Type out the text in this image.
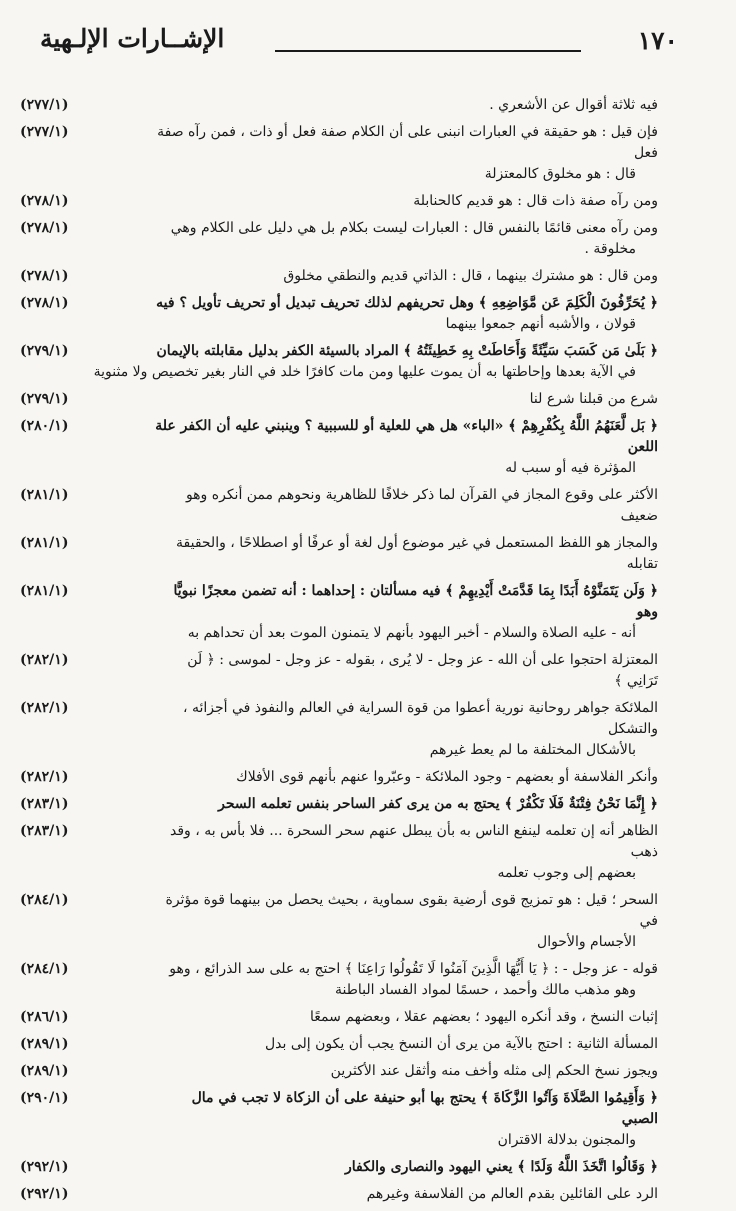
١٧٠
الإشــارات الإلـهية
فيه ثلاثة أقوال عن الأشعري .
(٢٧٧/١)
فإن قيل : هو حقيقة في العبارات انبنى على أن الكلام صفة فعل أو ذات ، فمن رآه صفة فعل
قال : هو مخلوق كالمعتزلة
(٢٧٧/١)
ومن رآه صفة ذات قال : هو قديم كالحنابلة
(٢٧٨/١)
ومن رآه معنى قائمًا بالنفس قال : العبارات ليست بكلام بل هي دليل على الكلام وهي
مخلوقة .
(٢٧٨/١)
ومن قال : هو مشترك بينهما ، قال : الذاتي قديم والنطقي مخلوق
(٢٧٨/١)
﴿ يُحَرِّفُونَ الْكَلِمَ عَن مَّوَاضِعِهِ ﴾ وهل تحريفهم لذلك تحريف تبديل أو تحريف تأويل ؟ فيه
قولان ، والأشبه أنهم جمعوا بينهما
(٢٧٨/١)
﴿ بَلَىٰ مَن كَسَبَ سَيِّئَةً وَأَحَاطَتْ بِهِ خَطِيئَتُهُ ﴾ المراد بالسيئة الكفر بدليل مقابلته بالإيمان
في الآية بعدها وإحاطتها به أن يموت عليها ومن مات كافرًا خلد في النار بغير تخصيص ولا مثنوية
(٢٧٩/١)
شرع من قبلنا شرع لنا
(٢٧٩/١)
﴿ بَل لَّعَنَهُمُ اللَّهُ بِكُفْرِهِمْ ﴾ «الباء» هل هي للعلية أو للسببية ؟ وينبني عليه أن الكفر علة اللعن
المؤثرة فيه أو سبب له
(٢٨٠/١)
الأكثر على وقوع المجاز في القرآن لما ذكر خلافًا للظاهرية ونحوهم ممن أنكره وهو ضعيف
(٢٨١/١)
والمجاز هو اللفظ المستعمل في غير موضوع أول لغة أو عرفًا أو اصطلاحًا ، والحقيقة تقابله
(٢٨١/١)
﴿ وَلَن يَتَمَنَّوْهُ أَبَدًا بِمَا قَدَّمَتْ أَيْدِيهِمْ ﴾ فيه مسألتان : إحداهما : أنه تضمن معجزًا نبويًّا وهو
أنه - عليه الصلاة والسلام - أخبر اليهود بأنهم لا يتمنون الموت بعد أن تحداهم به
(٢٨١/١)
المعتزلة احتجوا على أن الله - عز وجل - لا يُرى ، بقوله - عز وجل - لموسى : ﴿ لَن تَرَانِي ﴾
(٢٨٢/١)
الملائكة جواهر روحانية نورية أعطوا من قوة السراية في العالم والنفوذ في أجزائه ، والتشكل
بالأشكال المختلفة ما لم يعط غيرهم
(٢٨٢/١)
وأنكر الفلاسفة أو بعضهم - وجود الملائكة - وعبّروا عنهم بأنهم قوى الأفلاك
(٢٨٢/١)
﴿ إِنَّمَا نَحْنُ فِتْنَةٌ فَلَا تَكْفُرْ ﴾ يحتج به من يرى كفر الساحر بنفس تعلمه السحر
(٢٨٣/١)
الظاهر أنه إن تعلمه لينفع الناس به بأن يبطل عنهم سحر السحرة ... فلا بأس به ، وقد ذهب
بعضهم إلى وجوب تعلمه
(٢٨٣/١)
السحر ؛ قيل : هو تمزيج قوى أرضية بقوى سماوية ، بحيث يحصل من بينهما قوة مؤثرة في
الأجسام والأحوال
(٢٨٤/١)
قوله - عز وجل - : ﴿ يَا أَيُّهَا الَّذِينَ آمَنُوا لَا تَقُولُوا رَاعِنَا ﴾ احتج به على سد الذرائع ، وهو
وهو مذهب مالك وأحمد ، حسمًا لمواد الفساد الباطنة
(٢٨٤/١)
إثبات النسخ ، وقد أنكره اليهود ؛ بعضهم عقلا ، وبعضهم سمعًا
(٢٨٦/١)
المسألة الثانية : احتج بالآية من يرى أن النسخ يجب أن يكون إلى بدل
(٢٨٩/١)
ويجوز نسخ الحكم إلى مثله وأخف منه وأثقل عند الأكثرين
(٢٨٩/١)
﴿ وَأَقِيمُوا الصَّلَاةَ وَآتُوا الزَّكَاةَ ﴾ يحتج بها أبو حنيفة على أن الزكاة لا تجب في مال الصبي
والمجنون بدلالة الاقتران
(٢٩٠/١)
﴿ وَقَالُوا اتَّخَذَ اللَّهُ وَلَدًا ﴾ يعني اليهود والنصارى والكفار
(٢٩٢/١)
الرد على القائلين بقدم العالم من الفلاسفة وغيرهم
(٢٩٢/١)
